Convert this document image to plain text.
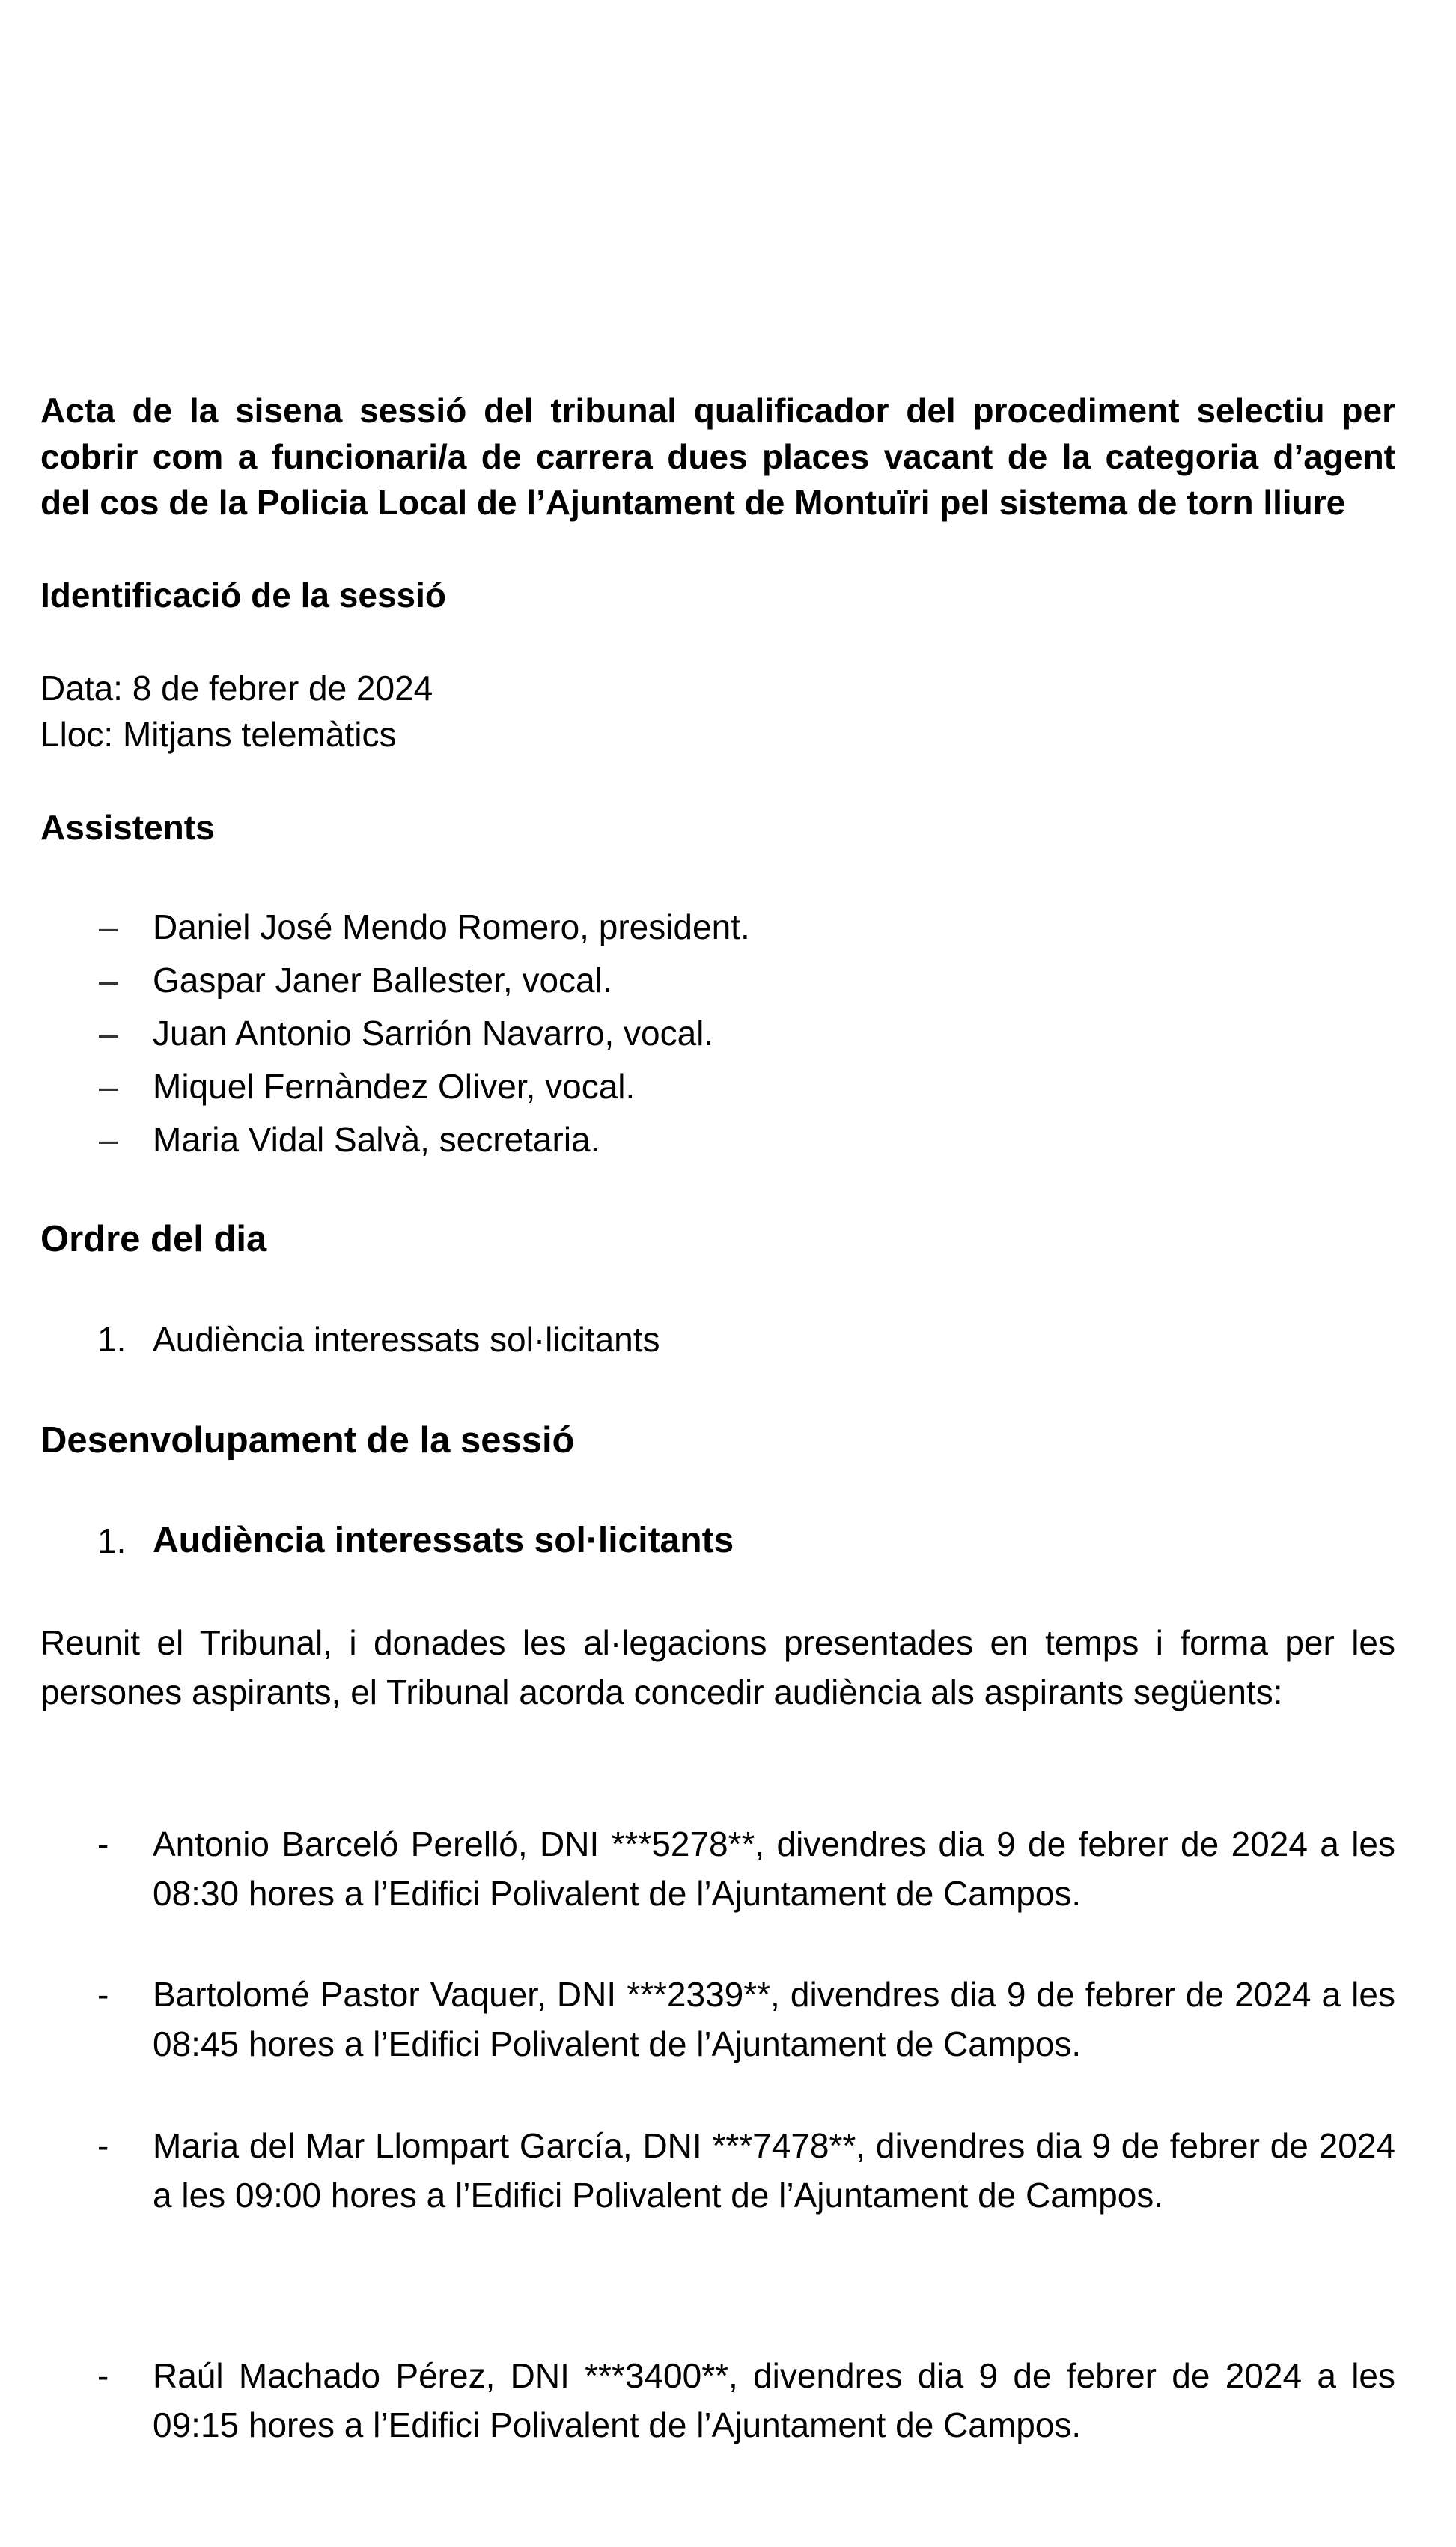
Acta de la sisena sessió del tribunal qualificador del procediment selectiu per
cobrir com a funcionari/a de carrera dues places vacant de la categoria d’agent
del cos de la Policia Local de l’Ajuntament de Montuïri pel sistema de torn lliure
Identificació de la sessió
Data: 8 de febrer de 2024
Lloc: Mitjans telemàtics
Assistents
– Daniel José Mendo Romero, president.
– Gaspar Janer Ballester, vocal.
– Juan Antonio Sarrión Navarro, vocal.
– Miquel Fernàndez Oliver, vocal.
– Maria Vidal Salvà, secretaria.
Ordre del dia
1. Audiència interessats sol·licitants
Desenvolupament de la sessió
1. Audiència interessats sol·licitants
Reunit el Tribunal, i donades les al·legacions presentades en temps i forma per les persones aspirants, el Tribunal acorda concedir audiència als aspirants següents:
- Antonio Barceló Perelló, DNI ***5278**, divendres dia 9 de febrer de 2024 a les 08:30 hores a l’Edifici Polivalent de l’Ajuntament de Campos.
- Bartolomé Pastor Vaquer, DNI ***2339**, divendres dia 9 de febrer de 2024 a les 08:45 hores a l’Edifici Polivalent de l’Ajuntament de Campos.
- Maria del Mar Llompart García, DNI ***7478**, divendres dia 9 de febrer de 2024 a les 09:00 hores a l’Edifici Polivalent de l’Ajuntament de Campos.
- Raúl Machado Pérez, DNI ***3400**, divendres dia 9 de febrer de 2024 a les 09:15 hores a l’Edifici Polivalent de l’Ajuntament de Campos.
